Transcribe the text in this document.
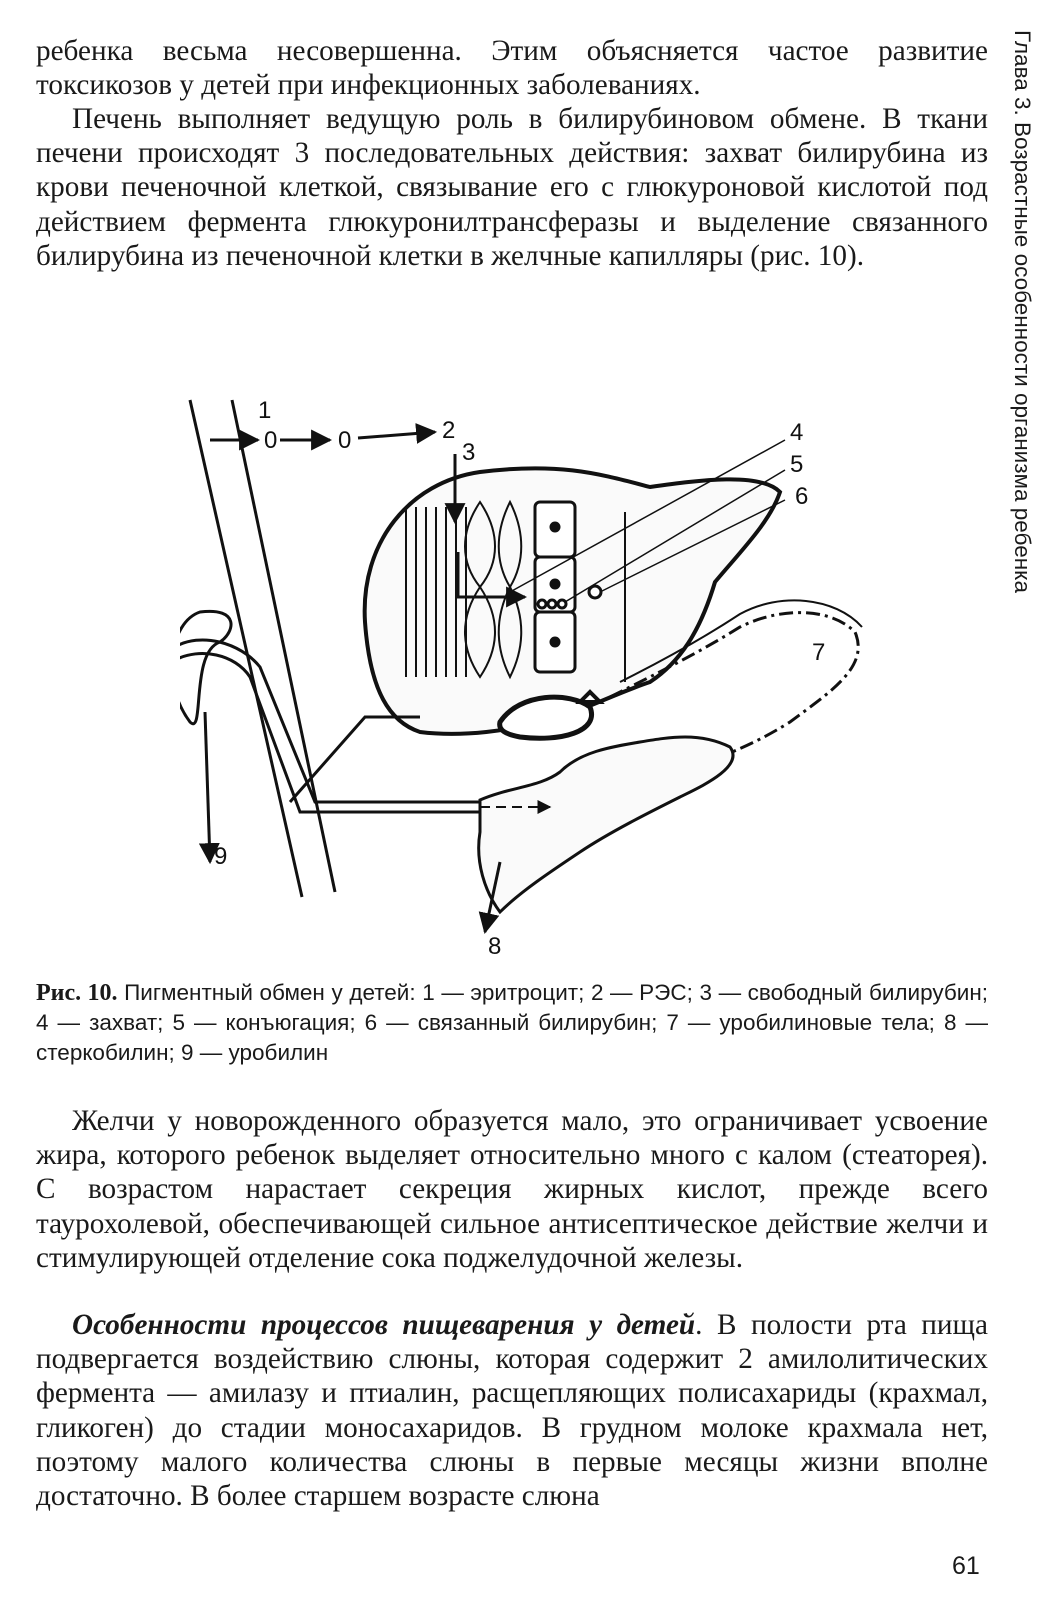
Глава 3. Возрастные особенности организма ребенка

ребенка весьма несовершенна. Этим объясняется частое развитие токсикозов у детей при инфекционных заболеваниях.

Печень выполняет ведущую роль в билирубиновом обмене. В ткани печени происходят 3 последовательных действия: захват билирубина из крови печеночной клеткой, связывание его с глюкуроновой кислотой под действием фермента глюкуронилтрансферазы и выделение связанного билирубина из печеночной клетки в желчные капилляры (рис. 10).

0	0
1
2
3
4
5
6
7
8
9
Рис. 10. Пигментный обмен у детей: 1 — эритроцит; 2 — РЭС; 3 — свободный билирубин; 4 — захват; 5 — конъюгация; 6 — связанный билирубин; 7 — уробилиновые тела; 8 — стеркобилин; 9 — уробилин

Желчи у новорожденного образуется мало, это ограничивает усвоение жира, которого ребенок выделяет относительно много с калом (стеаторея). С возрастом нарастает секреция жирных кислот, прежде всего таурохолевой, обеспечивающей сильное антисептическое действие желчи и стимулирующей отделение сока поджелудочной железы.

Особенности процессов пищеварения у детей. В полости рта пища подвергается воздействию слюны, которая содержит 2 амилолитических фермента — амилазу и птиалин, расщепляющих полисахариды (крахмал, гликоген) до стадии моносахаридов. В грудном молоке крахмала нет, поэтому малого количества слюны в первые месяцы жизни вполне достаточно. В более старшем возрасте слюна

61
